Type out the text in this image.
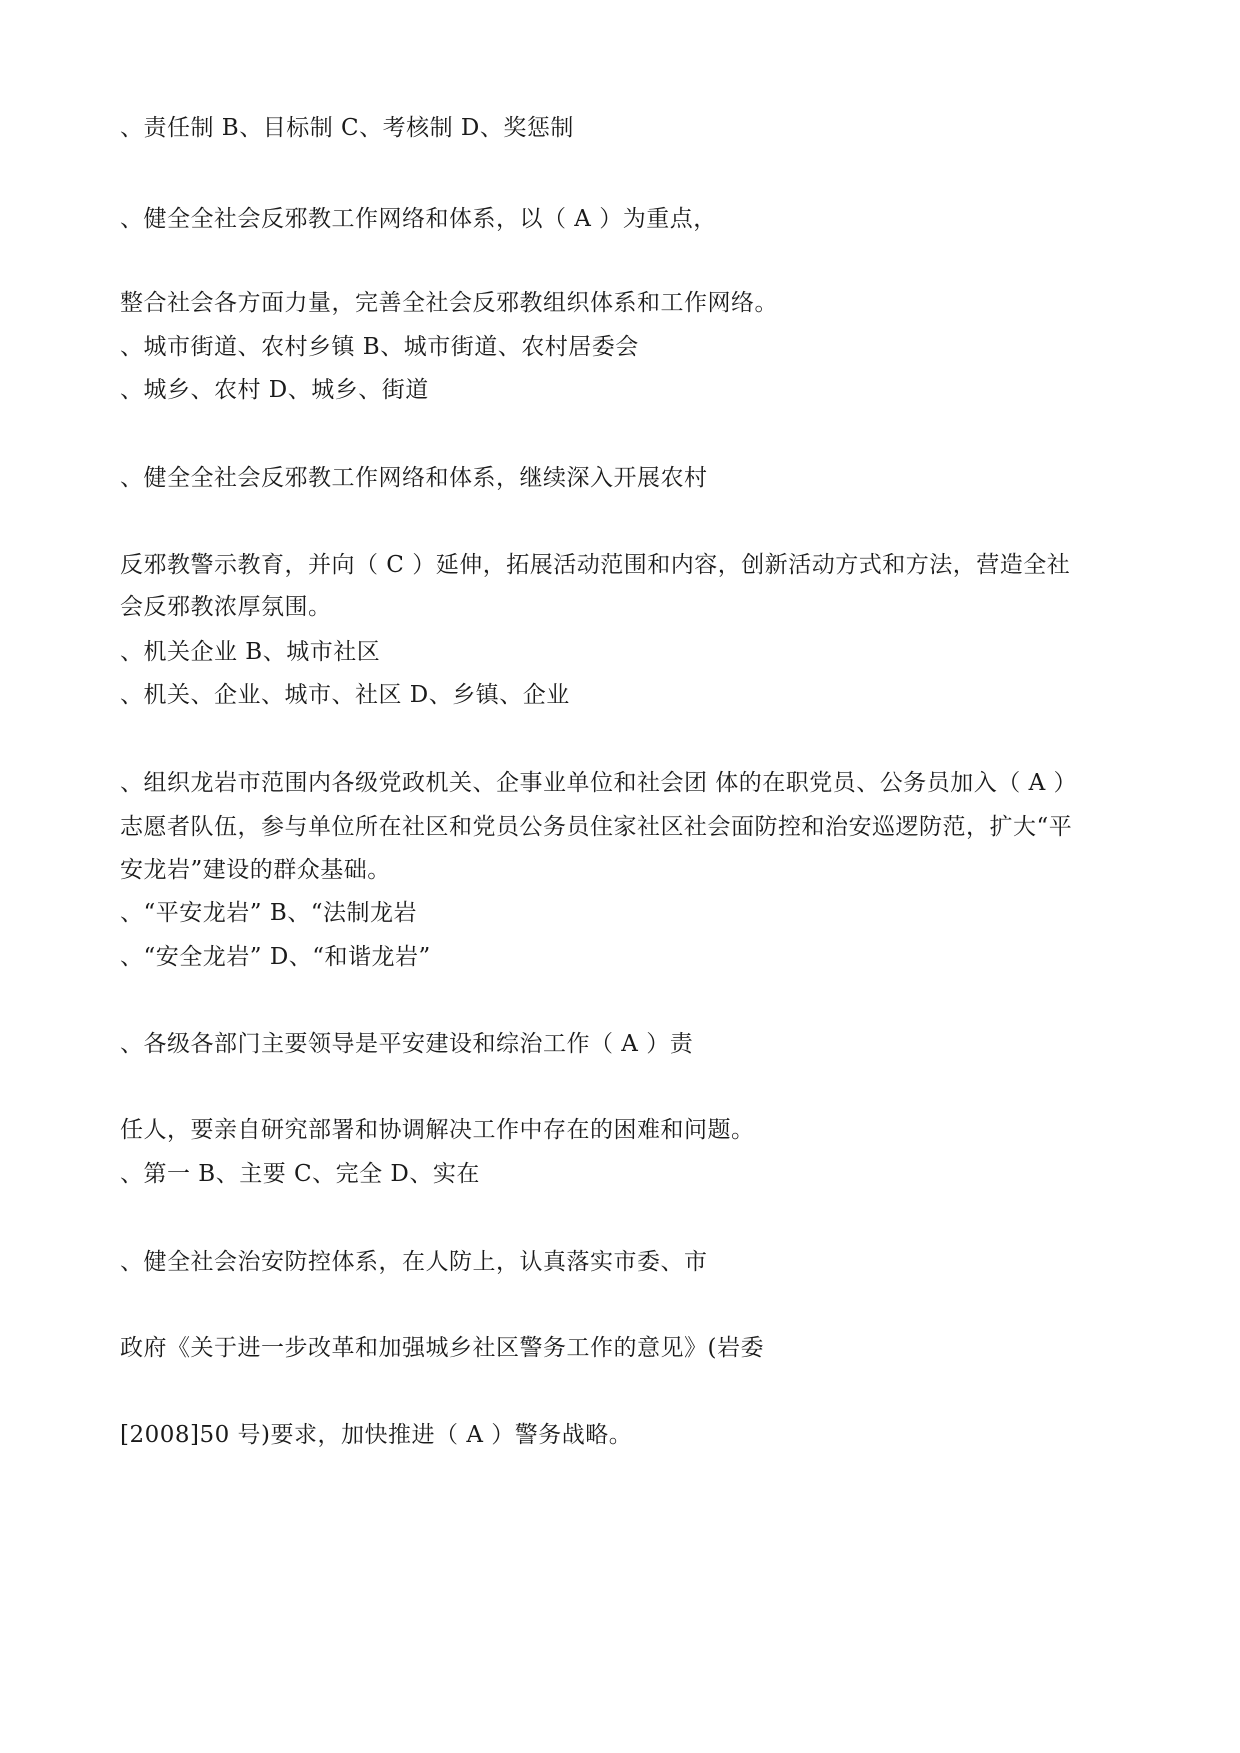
、责任制 B、目标制 C、考核制 D、奖惩制
、健全全社会反邪教工作网络和体系，以（ A ）为重点，
整合社会各方面力量，完善全社会反邪教组织体系和工作网络。
、城市街道、农村乡镇 B、城市街道、农村居委会
、城乡、农村 D、城乡、街道
、健全全社会反邪教工作网络和体系，继续深入开展农村
反邪教警示教育，并向（ C ）延伸，拓展活动范围和内容，创新活动方式和方法，营造全社
会反邪教浓厚氛围。
、机关企业 B、城市社区
、机关、企业、城市、社区 D、乡镇、企业
、组织龙岩市范围内各级党政机关、企事业单位和社会团 体的在职党员、公务员加入（ A ）
志愿者队伍，参与单位所在社区和党员公务员住家社区社会面防控和治安巡逻防范，扩大“平
安龙岩”建设的群众基础。
、“平安龙岩” B、“法制龙岩
、“安全龙岩” D、“和谐龙岩”
、各级各部门主要领导是平安建设和综治工作（ A ）责
任人，要亲自研究部署和协调解决工作中存在的困难和问题。
、第一 B、主要 C、完全 D、实在
、健全社会治安防控体系，在人防上，认真落实市委、市
政府《关于进一步改革和加强城乡社区警务工作的意见》(岩委
[2008]50 号)要求，加快推进（ A ）警务战略。
